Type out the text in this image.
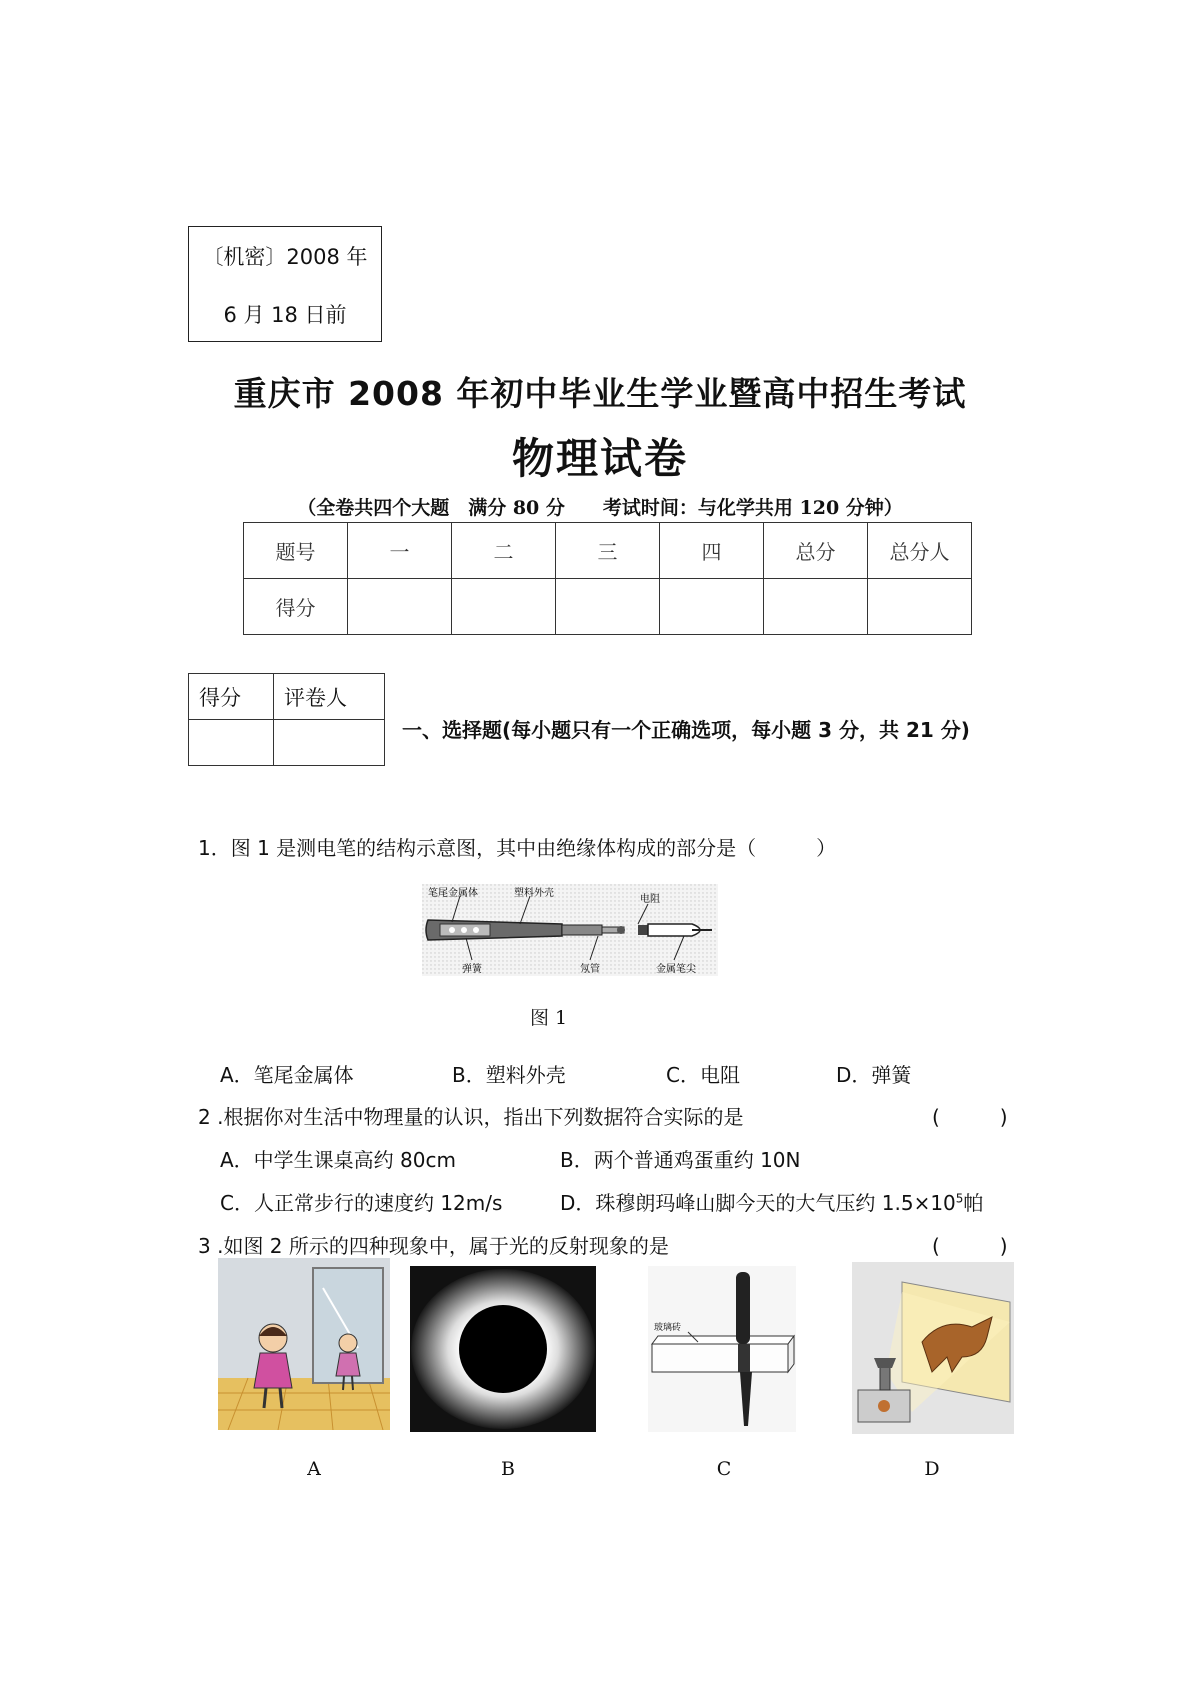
〔机密〕2008 年
6 月 18 日前
重庆市 2008 年初中毕业生学业暨高中招生考试
物理试卷
（全卷共四个大题　满分 80 分　　考试时间：与化学共用 120 分钟）
题号	一	二	三	四	总分	总分人
得分						
得分	评卷人

一、选择题(每小题只有一个正确选项，每小题 3 分，共 21 分)
1．图 1 是测电笔的结构示意图，其中由绝缘体构成的部分是（　　　）
笔尾金属体	塑料外壳
电阻
弹簧	氖管	金属笔尖
图 1
A．笔尾金属体	B．塑料外壳	C．电阻	D．弹簧
2 .根据你对生活中物理量的认识，指出下列数据符合实际的是	(　　　)
A．中学生课桌高约 80cm	B．两个普通鸡蛋重约 10N
C．人正常步行的速度约 12m/s	D．珠穆朗玛峰山脚今天的大气压约 $1.5\times 10^5$帕
3 .如图 2 所示的四种现象中，属于光的反射现象的是	(　　　)
玻璃砖
A	B	C	D
